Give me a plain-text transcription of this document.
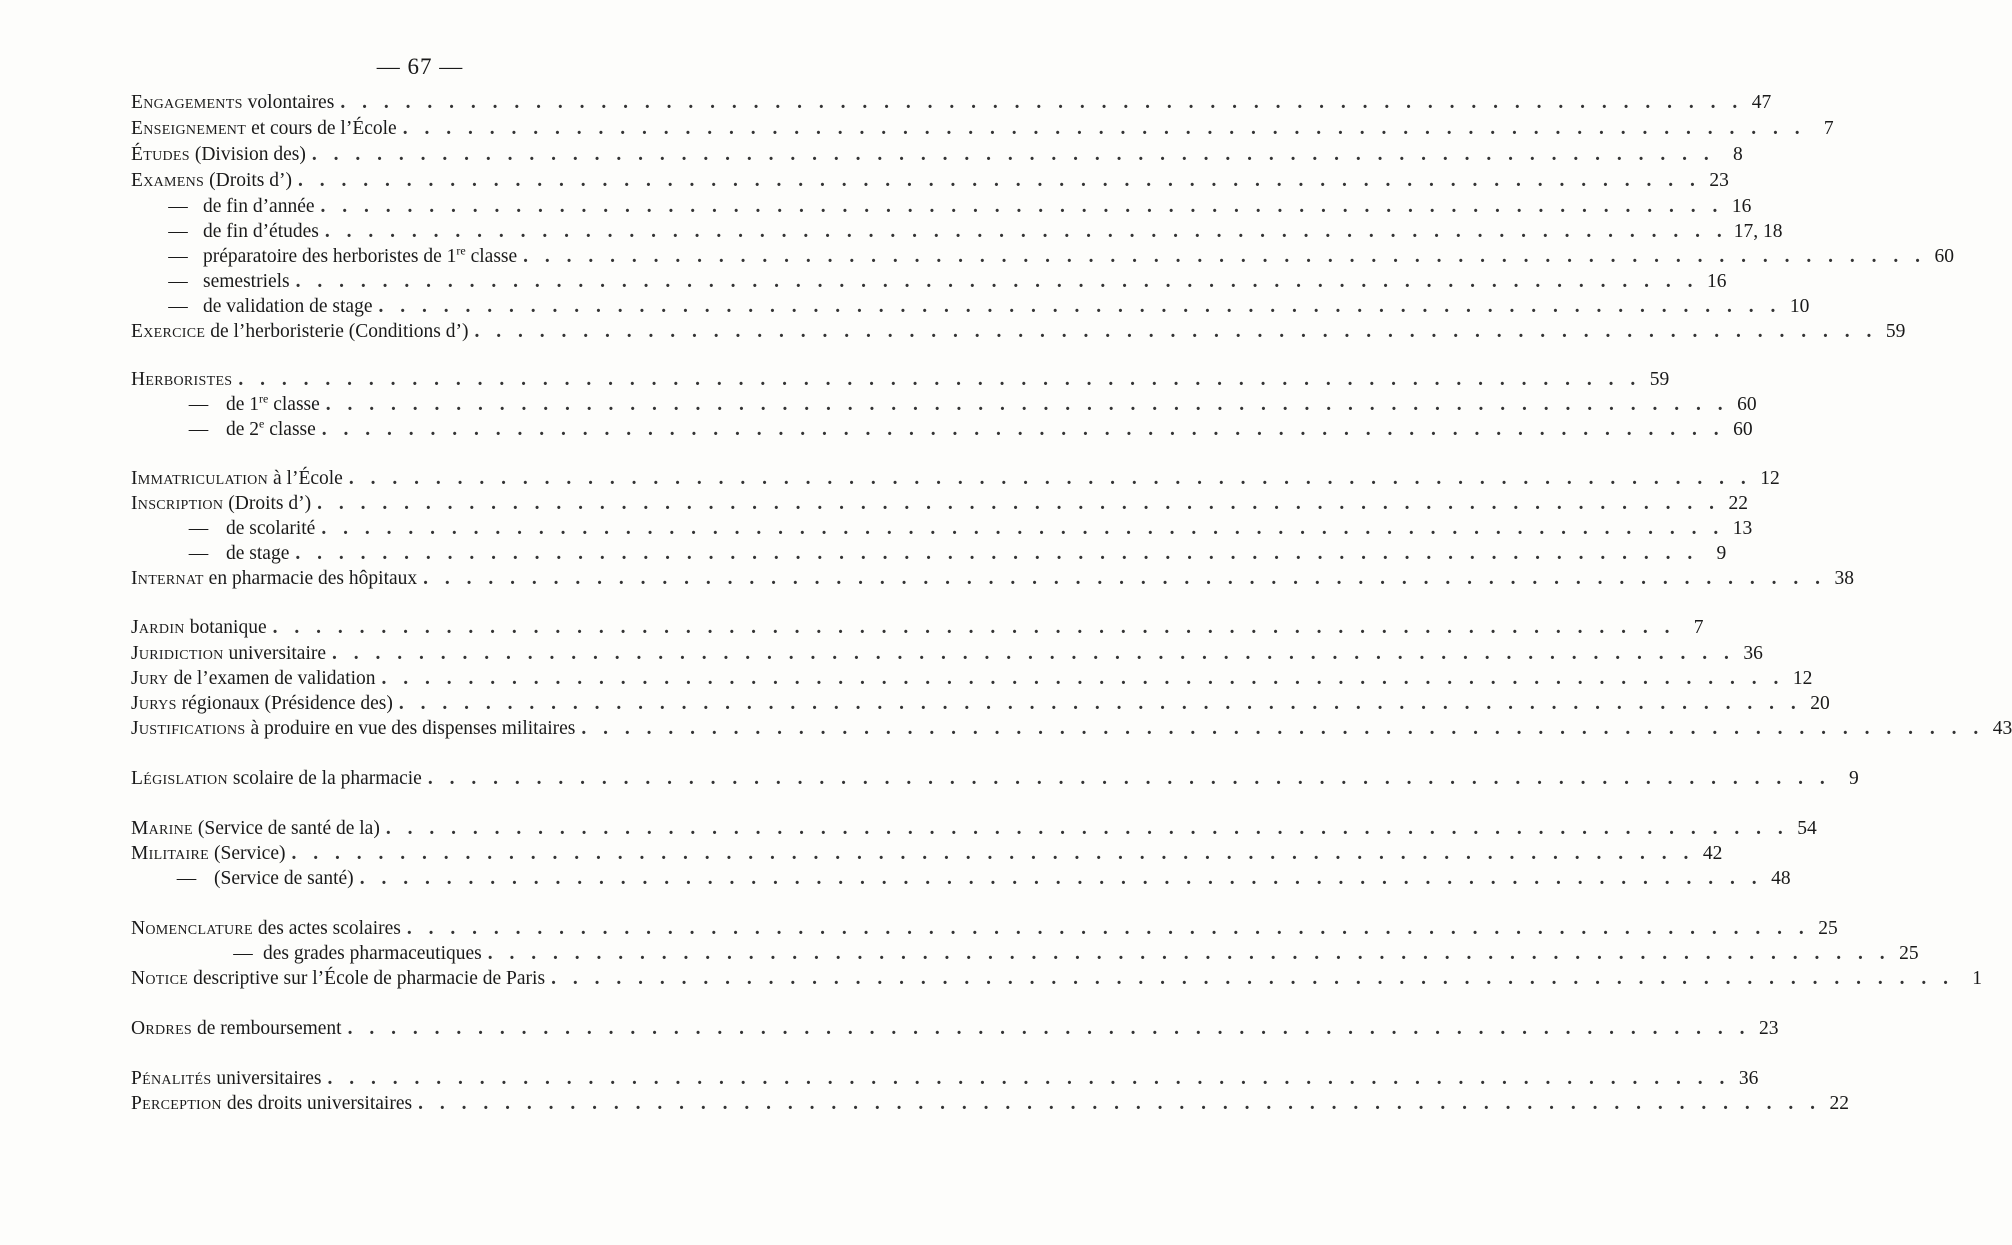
— 67 —
Engagements volontaires . . . . . . . . . . . . . . . . . . . . . . . . . . . . . . . . . . . . . . . . . . . . . . . . . . . . . . . . . . . . . . . . . 47
Enseignement et cours de l’École . . . . . . . . . . . . . . . . . . . . . . . . . . . . . . . . . . . . . . . . . . . . . . . . . . . . . . . . . . . . . . . . . 7
Études (Division des) . . . . . . . . . . . . . . . . . . . . . . . . . . . . . . . . . . . . . . . . . . . . . . . . . . . . . . . . . . . . . . . . . 8
Examens (Droits d’) . . . . . . . . . . . . . . . . . . . . . . . . . . . . . . . . . . . . . . . . . . . . . . . . . . . . . . . . . . . . . . . . . 23
— de fin d’année . . . . . . . . . . . . . . . . . . . . . . . . . . . . . . . . . . . . . . . . . . . . . . . . . . . . . . . . . . . . . . . . . 16
— de fin d’études . . . . . . . . . . . . . . . . . . . . . . . . . . . . . . . . . . . . . . . . . . . . . . . . . . . . . . . . . . . . . . . . . 17, 18
— préparatoire des herboristes de 1re classe . . . . . . . . . . . . . . . . . . . . . . . . . . . . . . . . . . . . . . . . . . . . . . . . . . . . . . . . . . . . . . . . . 60
— semestriels . . . . . . . . . . . . . . . . . . . . . . . . . . . . . . . . . . . . . . . . . . . . . . . . . . . . . . . . . . . . . . . . . 16
— de validation de stage . . . . . . . . . . . . . . . . . . . . . . . . . . . . . . . . . . . . . . . . . . . . . . . . . . . . . . . . . . . . . . . . . 10
Exercice de l’herboristerie (Conditions d’) . . . . . . . . . . . . . . . . . . . . . . . . . . . . . . . . . . . . . . . . . . . . . . . . . . . . . . . . . . . . . . . . . 59
Herboristes . . . . . . . . . . . . . . . . . . . . . . . . . . . . . . . . . . . . . . . . . . . . . . . . . . . . . . . . . . . . . . . . . 59
— de 1re classe . . . . . . . . . . . . . . . . . . . . . . . . . . . . . . . . . . . . . . . . . . . . . . . . . . . . . . . . . . . . . . . . . 60
— de 2e classe . . . . . . . . . . . . . . . . . . . . . . . . . . . . . . . . . . . . . . . . . . . . . . . . . . . . . . . . . . . . . . . . . 60
Immatriculation à l’École . . . . . . . . . . . . . . . . . . . . . . . . . . . . . . . . . . . . . . . . . . . . . . . . . . . . . . . . . . . . . . . . . 12
Inscription (Droits d’) . . . . . . . . . . . . . . . . . . . . . . . . . . . . . . . . . . . . . . . . . . . . . . . . . . . . . . . . . . . . . . . . . 22
— de scolarité . . . . . . . . . . . . . . . . . . . . . . . . . . . . . . . . . . . . . . . . . . . . . . . . . . . . . . . . . . . . . . . . . 13
— de stage . . . . . . . . . . . . . . . . . . . . . . . . . . . . . . . . . . . . . . . . . . . . . . . . . . . . . . . . . . . . . . . . . 9
Internat en pharmacie des hôpitaux . . . . . . . . . . . . . . . . . . . . . . . . . . . . . . . . . . . . . . . . . . . . . . . . . . . . . . . . . . . . . . . . . 38
Jardin botanique . . . . . . . . . . . . . . . . . . . . . . . . . . . . . . . . . . . . . . . . . . . . . . . . . . . . . . . . . . . . . . . . . 7
Juridiction universitaire . . . . . . . . . . . . . . . . . . . . . . . . . . . . . . . . . . . . . . . . . . . . . . . . . . . . . . . . . . . . . . . . . 36
Jury de l’examen de validation . . . . . . . . . . . . . . . . . . . . . . . . . . . . . . . . . . . . . . . . . . . . . . . . . . . . . . . . . . . . . . . . . 12
Jurys régionaux (Présidence des) . . . . . . . . . . . . . . . . . . . . . . . . . . . . . . . . . . . . . . . . . . . . . . . . . . . . . . . . . . . . . . . . . 20
Justifications à produire en vue des dispenses militaires . . . . . . . . . . . . . . . . . . . . . . . . . . . . . . . . . . . . . . . . . . . . . . . . . . . . . . . . . . . . . . . . . 43
Législation scolaire de la pharmacie . . . . . . . . . . . . . . . . . . . . . . . . . . . . . . . . . . . . . . . . . . . . . . . . . . . . . . . . . . . . . . . . . 9
Marine (Service de santé de la) . . . . . . . . . . . . . . . . . . . . . . . . . . . . . . . . . . . . . . . . . . . . . . . . . . . . . . . . . . . . . . . . . 54
Militaire (Service) . . . . . . . . . . . . . . . . . . . . . . . . . . . . . . . . . . . . . . . . . . . . . . . . . . . . . . . . . . . . . . . . . 42
— (Service de santé) . . . . . . . . . . . . . . . . . . . . . . . . . . . . . . . . . . . . . . . . . . . . . . . . . . . . . . . . . . . . . . . . . 48
Nomenclature des actes scolaires . . . . . . . . . . . . . . . . . . . . . . . . . . . . . . . . . . . . . . . . . . . . . . . . . . . . . . . . . . . . . . . . . 25
— des grades pharmaceutiques . . . . . . . . . . . . . . . . . . . . . . . . . . . . . . . . . . . . . . . . . . . . . . . . . . . . . . . . . . . . . . . . . 25
Notice descriptive sur l’École de pharmacie de Paris . . . . . . . . . . . . . . . . . . . . . . . . . . . . . . . . . . . . . . . . . . . . . . . . . . . . . . . . . . . . . . . . . 1
Ordres de remboursement . . . . . . . . . . . . . . . . . . . . . . . . . . . . . . . . . . . . . . . . . . . . . . . . . . . . . . . . . . . . . . . . . 23
Pénalités universitaires . . . . . . . . . . . . . . . . . . . . . . . . . . . . . . . . . . . . . . . . . . . . . . . . . . . . . . . . . . . . . . . . . 36
Perception des droits universitaires . . . . . . . . . . . . . . . . . . . . . . . . . . . . . . . . . . . . . . . . . . . . . . . . . . . . . . . . . . . . . . . . . 22
